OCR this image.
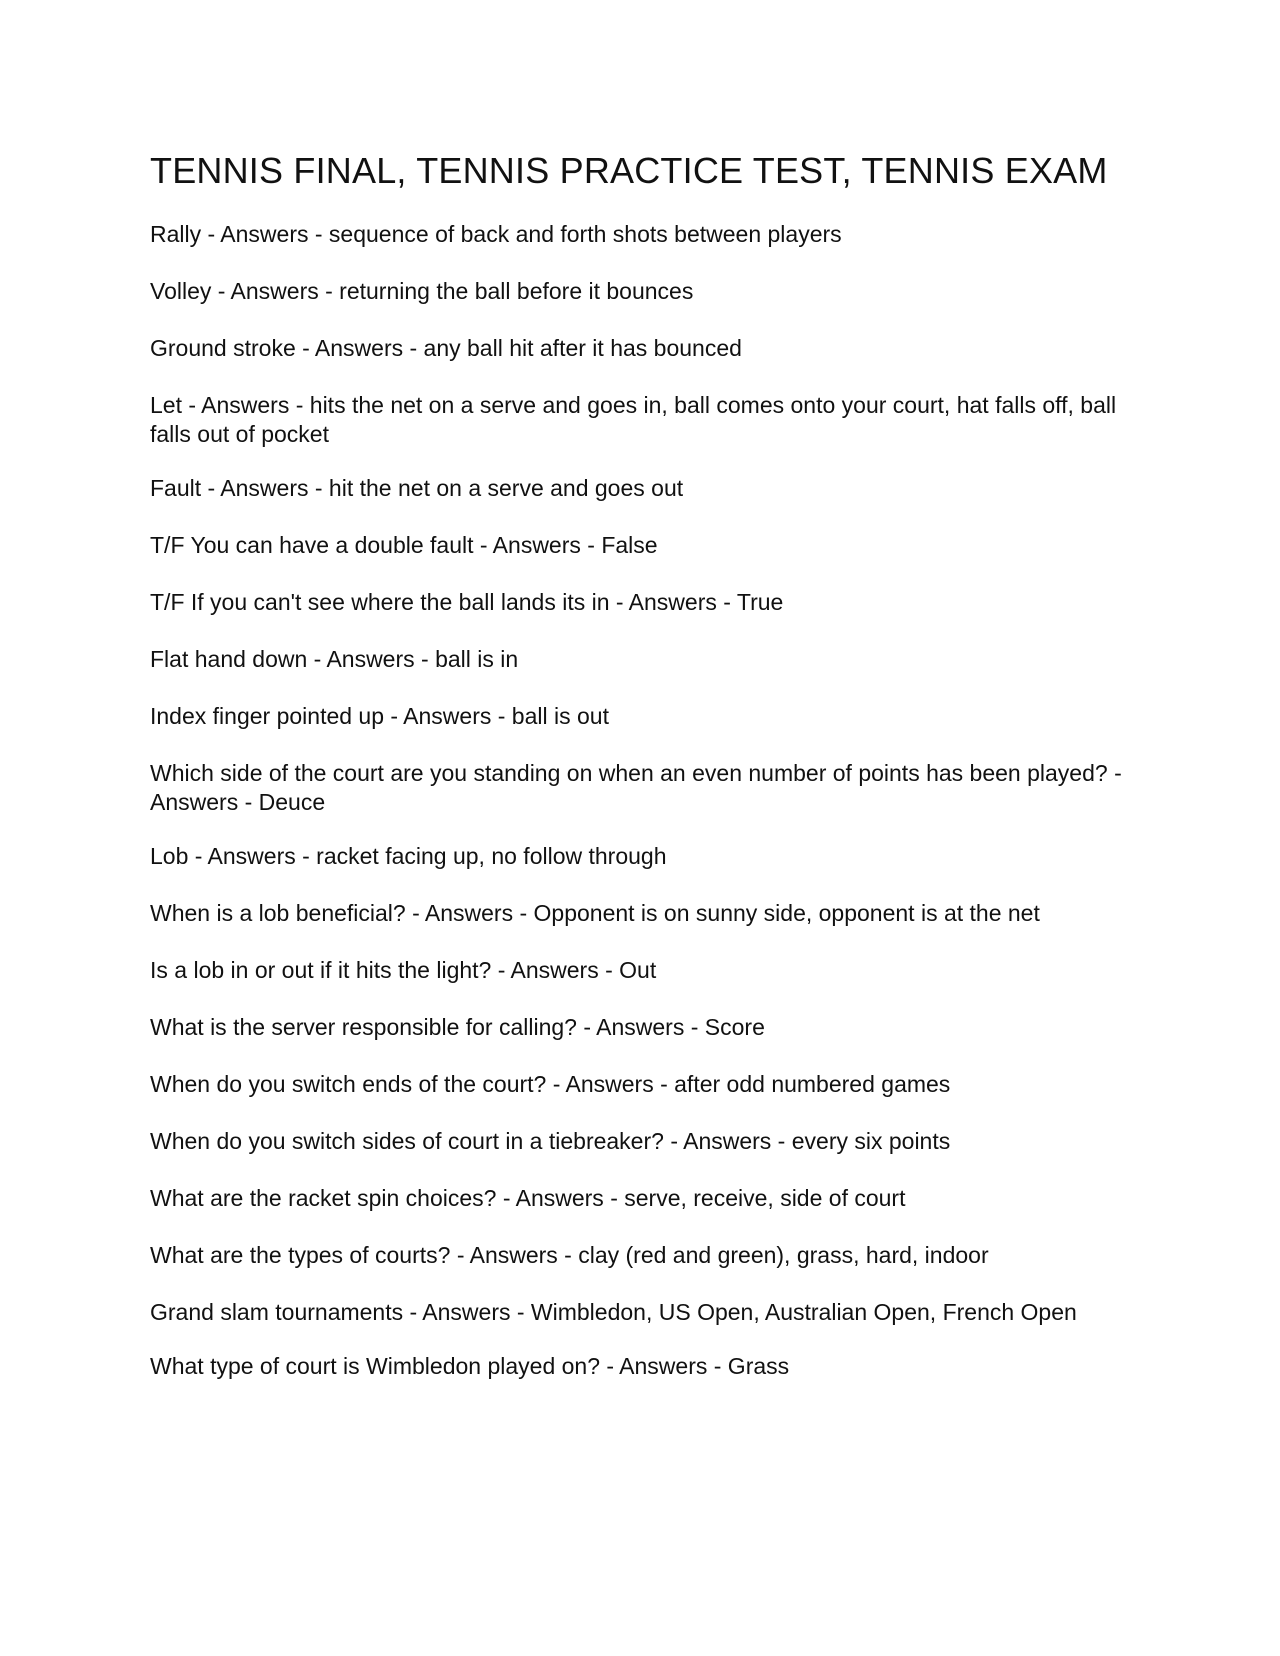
TENNIS FINAL, TENNIS PRACTICE TEST, TENNIS EXAM
Rally - Answers - sequence of back and forth shots between players
Volley - Answers - returning the ball before it bounces
Ground stroke - Answers - any ball hit after it has bounced
Let - Answers - hits the net on a serve and goes in, ball comes onto your court, hat falls off, ball falls out of pocket
Fault - Answers - hit the net on a serve and goes out
T/F You can have a double fault - Answers - False
T/F If you can't see where the ball lands its in - Answers - True
Flat hand down - Answers - ball is in
Index finger pointed up - Answers - ball is out
Which side of the court are you standing on when an even number of points has been played? - Answers - Deuce
Lob - Answers - racket facing up, no follow through
When is a lob beneficial? - Answers - Opponent is on sunny side, opponent is at the net
Is a lob in or out if it hits the light? - Answers - Out
What is the server responsible for calling? - Answers - Score
When do you switch ends of the court? - Answers - after odd numbered games
When do you switch sides of court in a tiebreaker? - Answers - every six points
What are the racket spin choices? - Answers - serve, receive, side of court
What are the types of courts? - Answers - clay (red and green), grass, hard, indoor
Grand slam tournaments - Answers - Wimbledon, US Open, Australian Open, French Open
What type of court is Wimbledon played on? - Answers - Grass
